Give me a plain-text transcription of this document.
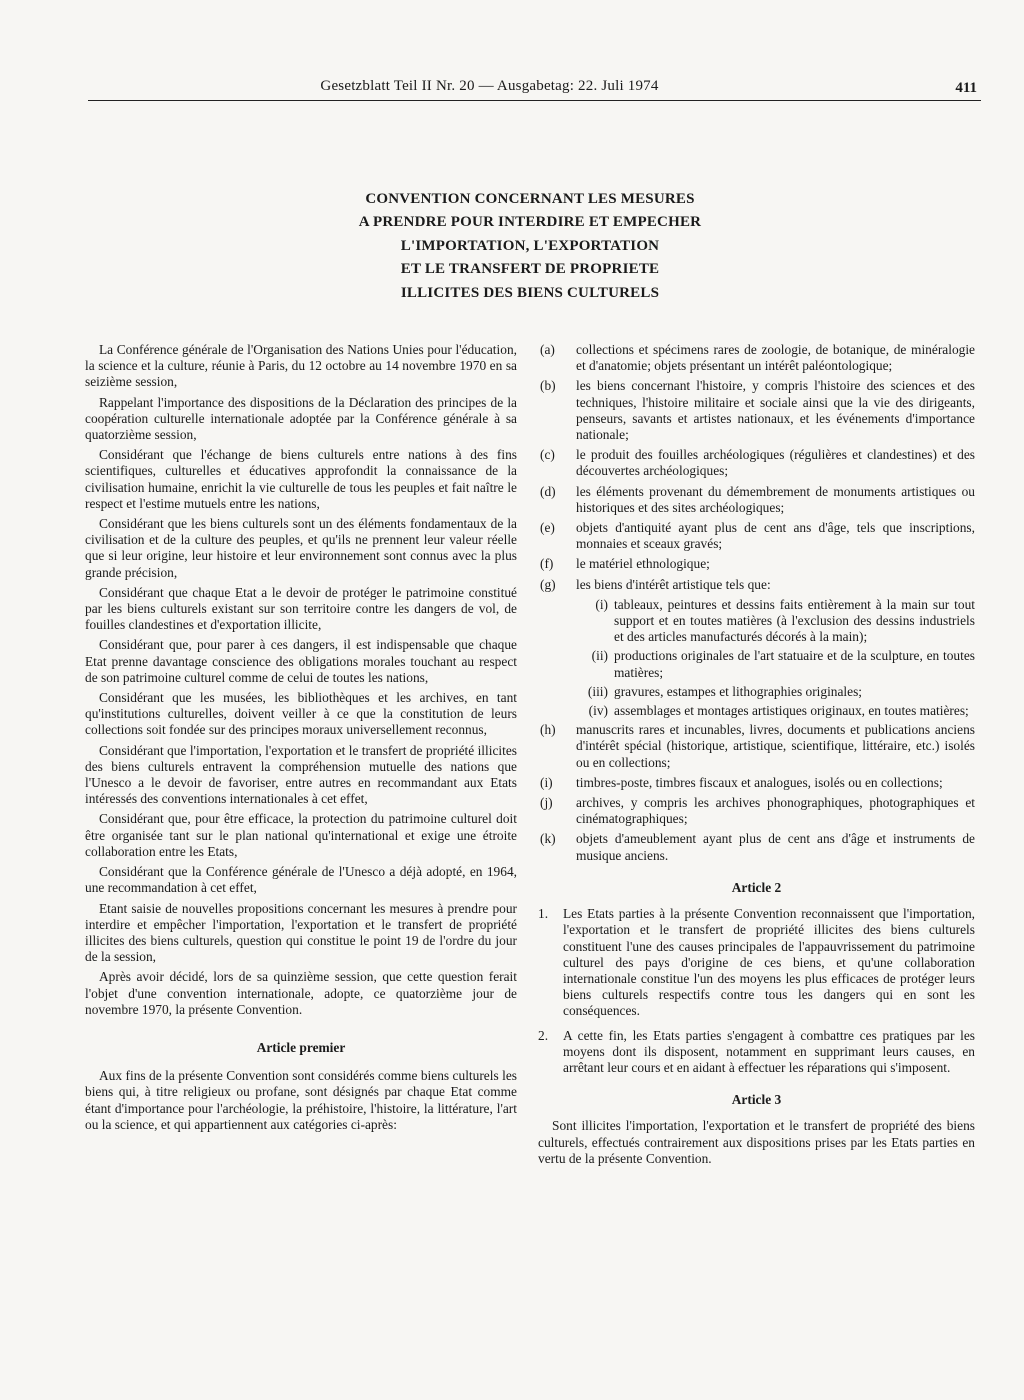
Gesetzblatt Teil II Nr. 20 — Ausgabetag: 22. Juli 1974	411
CONVENTION CONCERNANT LES MESURES
A PRENDRE POUR INTERDIRE ET EMPECHER
L'IMPORTATION, L'EXPORTATION
ET LE TRANSFERT DE PROPRIETE
ILLICITES DES BIENS CULTURELS

La Conférence générale de l'Organisation des Nations Unies pour l'éducation, la science et la culture, réunie à Paris, du 12 octobre au 14 novembre 1970 en sa seizième session,

Rappelant l'importance des dispositions de la Déclaration des principes de la coopération culturelle internationale adoptée par la Conférence générale à sa quatorzième session,

Considérant que l'échange de biens culturels entre nations à des fins scientifiques, culturelles et éducatives approfondit la connaissance de la civilisation humaine, enrichit la vie culturelle de tous les peuples et fait naître le respect et l'estime mutuels entre les nations,

Considérant que les biens culturels sont un des éléments fondamentaux de la civilisation et de la culture des peuples, et qu'ils ne prennent leur valeur réelle que si leur origine, leur histoire et leur environnement sont connus avec la plus grande précision,

Considérant que chaque Etat a le devoir de protéger le patrimoine constitué par les biens culturels existant sur son territoire contre les dangers de vol, de fouilles clandestines et d'exportation illicite,

Considérant que, pour parer à ces dangers, il est indispensable que chaque Etat prenne davantage conscience des obligations morales touchant au respect de son patrimoine culturel comme de celui de toutes les nations,

Considérant que les musées, les bibliothèques et les archives, en tant qu'institutions culturelles, doivent veiller à ce que la constitution de leurs collections soit fondée sur des principes moraux universellement reconnus,

Considérant que l'importation, l'exportation et le transfert de propriété illicites des biens culturels entravent la compréhension mutuelle des nations que l'Unesco a le devoir de favoriser, entre autres en recommandant aux Etats intéressés des conventions internationales à cet effet,

Considérant que, pour être efficace, la protection du patrimoine culturel doit être organisée tant sur le plan national qu'international et exige une étroite collaboration entre les Etats,

Considérant que la Conférence générale de l'Unesco a déjà adopté, en 1964, une recommandation à cet effet,

Etant saisie de nouvelles propositions concernant les mesures à prendre pour interdire et empêcher l'importation, l'exportation et le transfert de propriété illicites des biens culturels, question qui constitue le point 19 de l'ordre du jour de la session,

Après avoir décidé, lors de sa quinzième session, que cette question ferait l'objet d'une convention internationale, adopte, ce quatorzième jour de novembre 1970, la présente Convention.

Article premier

Aux fins de la présente Convention sont considérés comme biens culturels les biens qui, à titre religieux ou profane, sont désignés par chaque Etat comme étant d'importance pour l'archéologie, la préhistoire, l'histoire, la littérature, l'art ou la science, et qui appartiennent aux catégories ci-après:

(a)	collections et spécimens rares de zoologie, de botanique, de minéralogie et d'anatomie; objets présentant un intérêt paléontologique;
(b)	les biens concernant l'histoire, y compris l'histoire des sciences et des techniques, l'histoire militaire et sociale ainsi que la vie des dirigeants, penseurs, savants et artistes nationaux, et les événements d'importance nationale;
(c)	le produit des fouilles archéologiques (régulières et clandestines) et des découvertes archéologiques;
(d)	les éléments provenant du démembrement de monuments artistiques ou historiques et des sites archéologiques;
(e)	objets d'antiquité ayant plus de cent ans d'âge, tels que inscriptions, monnaies et sceaux gravés;
(f)	le matériel ethnologique;
(g)	les biens d'intérêt artistique tels que:
(i) tableaux, peintures et dessins faits entièrement à la main sur tout support et en toutes matières (à l'exclusion des dessins industriels et des articles manufacturés décorés à la main);
(ii) productions originales de l'art statuaire et de la sculpture, en toutes matières;
(iii) gravures, estampes et lithographies originales;
(iv) assemblages et montages artistiques originaux, en toutes matières;
(h)	manuscrits rares et incunables, livres, documents et publications anciens d'intérêt spécial (historique, artistique, scientifique, littéraire, etc.) isolés ou en collections;
(i)	timbres-poste, timbres fiscaux et analogues, isolés ou en collections;
(j)	archives, y compris les archives phonographiques, photographiques et cinématographiques;
(k)	objets d'ameublement ayant plus de cent ans d'âge et instruments de musique anciens.
Article 2
1.	Les Etats parties à la présente Convention reconnaissent que l'importation, l'exportation et le transfert de propriété illicites des biens culturels constituent l'une des causes principales de l'appauvrissement du patrimoine culturel des pays d'origine de ces biens, et qu'une collaboration internationale constitue l'un des moyens les plus efficaces de protéger leurs biens culturels respectifs contre tous les dangers qui en sont les conséquences.
2.	A cette fin, les Etats parties s'engagent à combattre ces pratiques par les moyens dont ils disposent, notamment en supprimant leurs causes, en arrêtant leur cours et en aidant à effectuer les réparations qui s'imposent.
Article 3

Sont illicites l'importation, l'exportation et le transfert de propriété des biens culturels, effectués contrairement aux dispositions prises par les Etats parties en vertu de la présente Convention.
